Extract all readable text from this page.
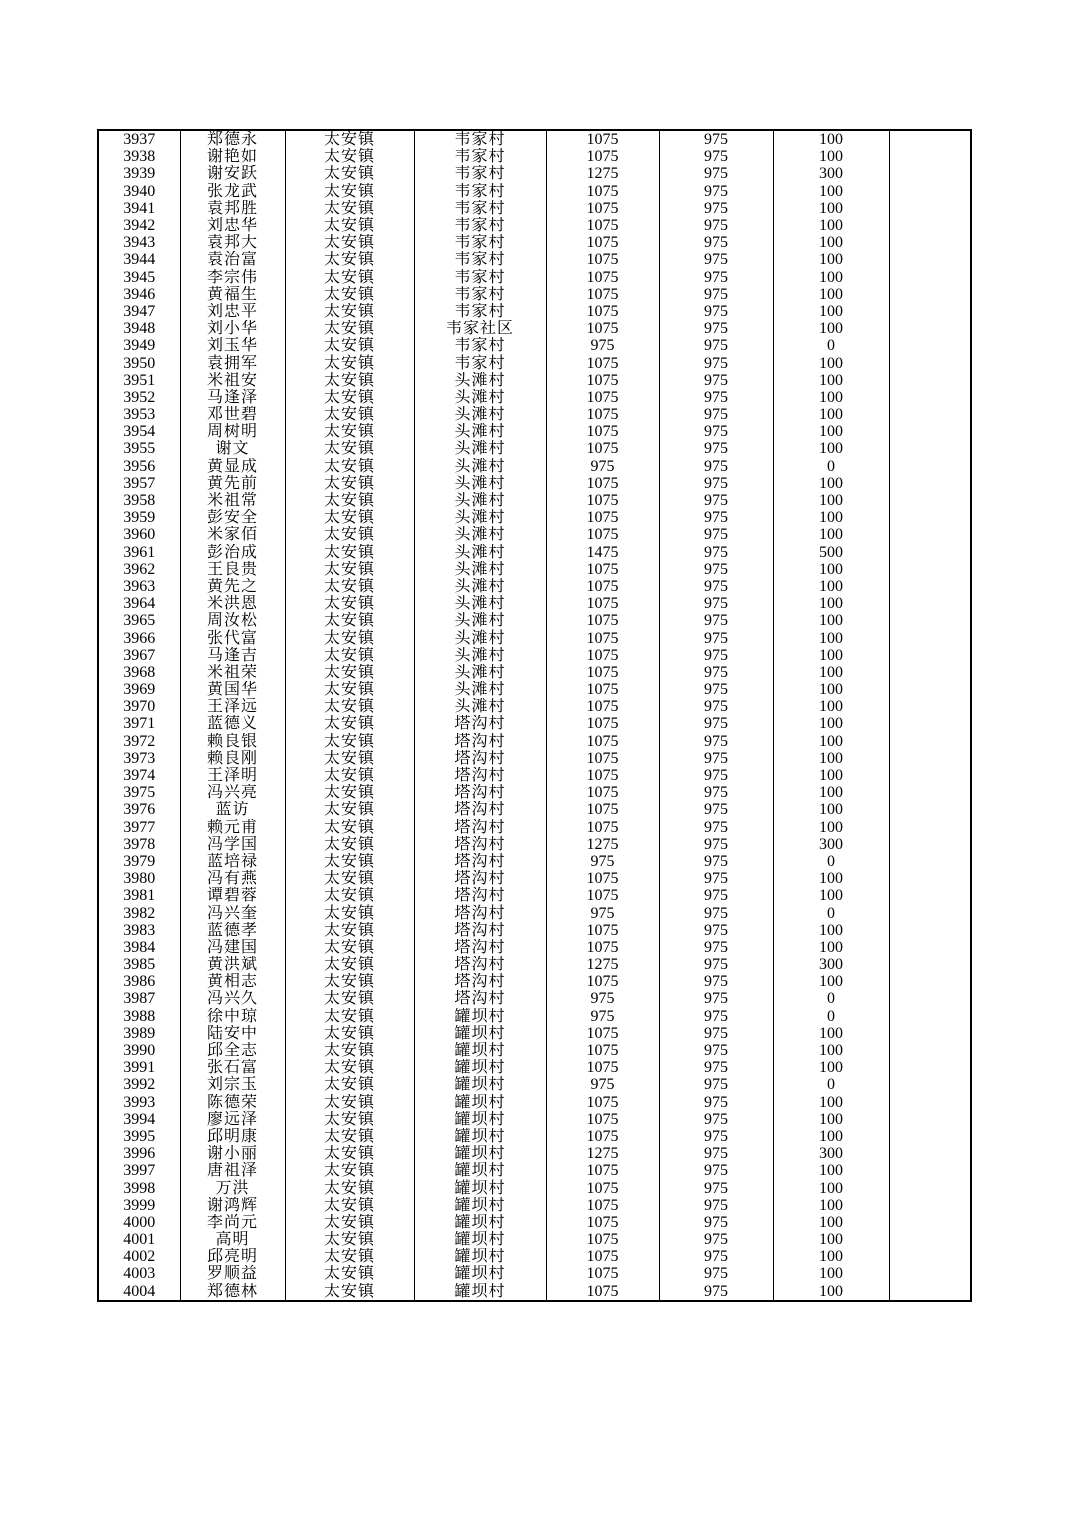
3937	郑德永	太安镇	韦家村	1075	975	100	
3938	谢艳如	太安镇	韦家村	1075	975	100	
3939	谢安跃	太安镇	韦家村	1275	975	300	
3940	张龙武	太安镇	韦家村	1075	975	100	
3941	袁邦胜	太安镇	韦家村	1075	975	100	
3942	刘忠华	太安镇	韦家村	1075	975	100	
3943	袁邦大	太安镇	韦家村	1075	975	100	
3944	袁治富	太安镇	韦家村	1075	975	100	
3945	李宗伟	太安镇	韦家村	1075	975	100	
3946	黄福生	太安镇	韦家村	1075	975	100	
3947	刘忠平	太安镇	韦家村	1075	975	100	
3948	刘小华	太安镇	韦家社区	1075	975	100	
3949	刘玉华	太安镇	韦家村	975	975	0	
3950	袁拥军	太安镇	韦家村	1075	975	100	
3951	米祖安	太安镇	头滩村	1075	975	100	
3952	马逢泽	太安镇	头滩村	1075	975	100	
3953	邓世碧	太安镇	头滩村	1075	975	100	
3954	周树明	太安镇	头滩村	1075	975	100	
3955	谢文	太安镇	头滩村	1075	975	100	
3956	黄显成	太安镇	头滩村	975	975	0	
3957	黄先前	太安镇	头滩村	1075	975	100	
3958	米祖常	太安镇	头滩村	1075	975	100	
3959	彭安全	太安镇	头滩村	1075	975	100	
3960	米家佰	太安镇	头滩村	1075	975	100	
3961	彭治成	太安镇	头滩村	1475	975	500	
3962	王良贵	太安镇	头滩村	1075	975	100	
3963	黄先之	太安镇	头滩村	1075	975	100	
3964	米洪恩	太安镇	头滩村	1075	975	100	
3965	周汝松	太安镇	头滩村	1075	975	100	
3966	张代富	太安镇	头滩村	1075	975	100	
3967	马逢吉	太安镇	头滩村	1075	975	100	
3968	米祖荣	太安镇	头滩村	1075	975	100	
3969	黄国华	太安镇	头滩村	1075	975	100	
3970	王泽远	太安镇	头滩村	1075	975	100	
3971	蓝德义	太安镇	塔沟村	1075	975	100	
3972	赖良银	太安镇	塔沟村	1075	975	100	
3973	赖良刚	太安镇	塔沟村	1075	975	100	
3974	王泽明	太安镇	塔沟村	1075	975	100	
3975	冯兴亮	太安镇	塔沟村	1075	975	100	
3976	蓝访	太安镇	塔沟村	1075	975	100	
3977	赖元甫	太安镇	塔沟村	1075	975	100	
3978	冯学国	太安镇	塔沟村	1275	975	300	
3979	蓝培禄	太安镇	塔沟村	975	975	0	
3980	冯有燕	太安镇	塔沟村	1075	975	100	
3981	谭碧蓉	太安镇	塔沟村	1075	975	100	
3982	冯兴奎	太安镇	塔沟村	975	975	0	
3983	蓝德孝	太安镇	塔沟村	1075	975	100	
3984	冯建国	太安镇	塔沟村	1075	975	100	
3985	黄洪斌	太安镇	塔沟村	1275	975	300	
3986	黄相志	太安镇	塔沟村	1075	975	100	
3987	冯兴久	太安镇	塔沟村	975	975	0	
3988	徐中琼	太安镇	罐坝村	975	975	0	
3989	陆安中	太安镇	罐坝村	1075	975	100	
3990	邱全志	太安镇	罐坝村	1075	975	100	
3991	张石富	太安镇	罐坝村	1075	975	100	
3992	刘宗玉	太安镇	罐坝村	975	975	0	
3993	陈德荣	太安镇	罐坝村	1075	975	100	
3994	廖远泽	太安镇	罐坝村	1075	975	100	
3995	邱明康	太安镇	罐坝村	1075	975	100	
3996	谢小丽	太安镇	罐坝村	1275	975	300	
3997	唐祖泽	太安镇	罐坝村	1075	975	100	
3998	万洪	太安镇	罐坝村	1075	975	100	
3999	谢鸿辉	太安镇	罐坝村	1075	975	100	
4000	李尚元	太安镇	罐坝村	1075	975	100	
4001	高明	太安镇	罐坝村	1075	975	100	
4002	邱亮明	太安镇	罐坝村	1075	975	100	
4003	罗顺益	太安镇	罐坝村	1075	975	100	
4004	郑德林	太安镇	罐坝村	1075	975	100	
